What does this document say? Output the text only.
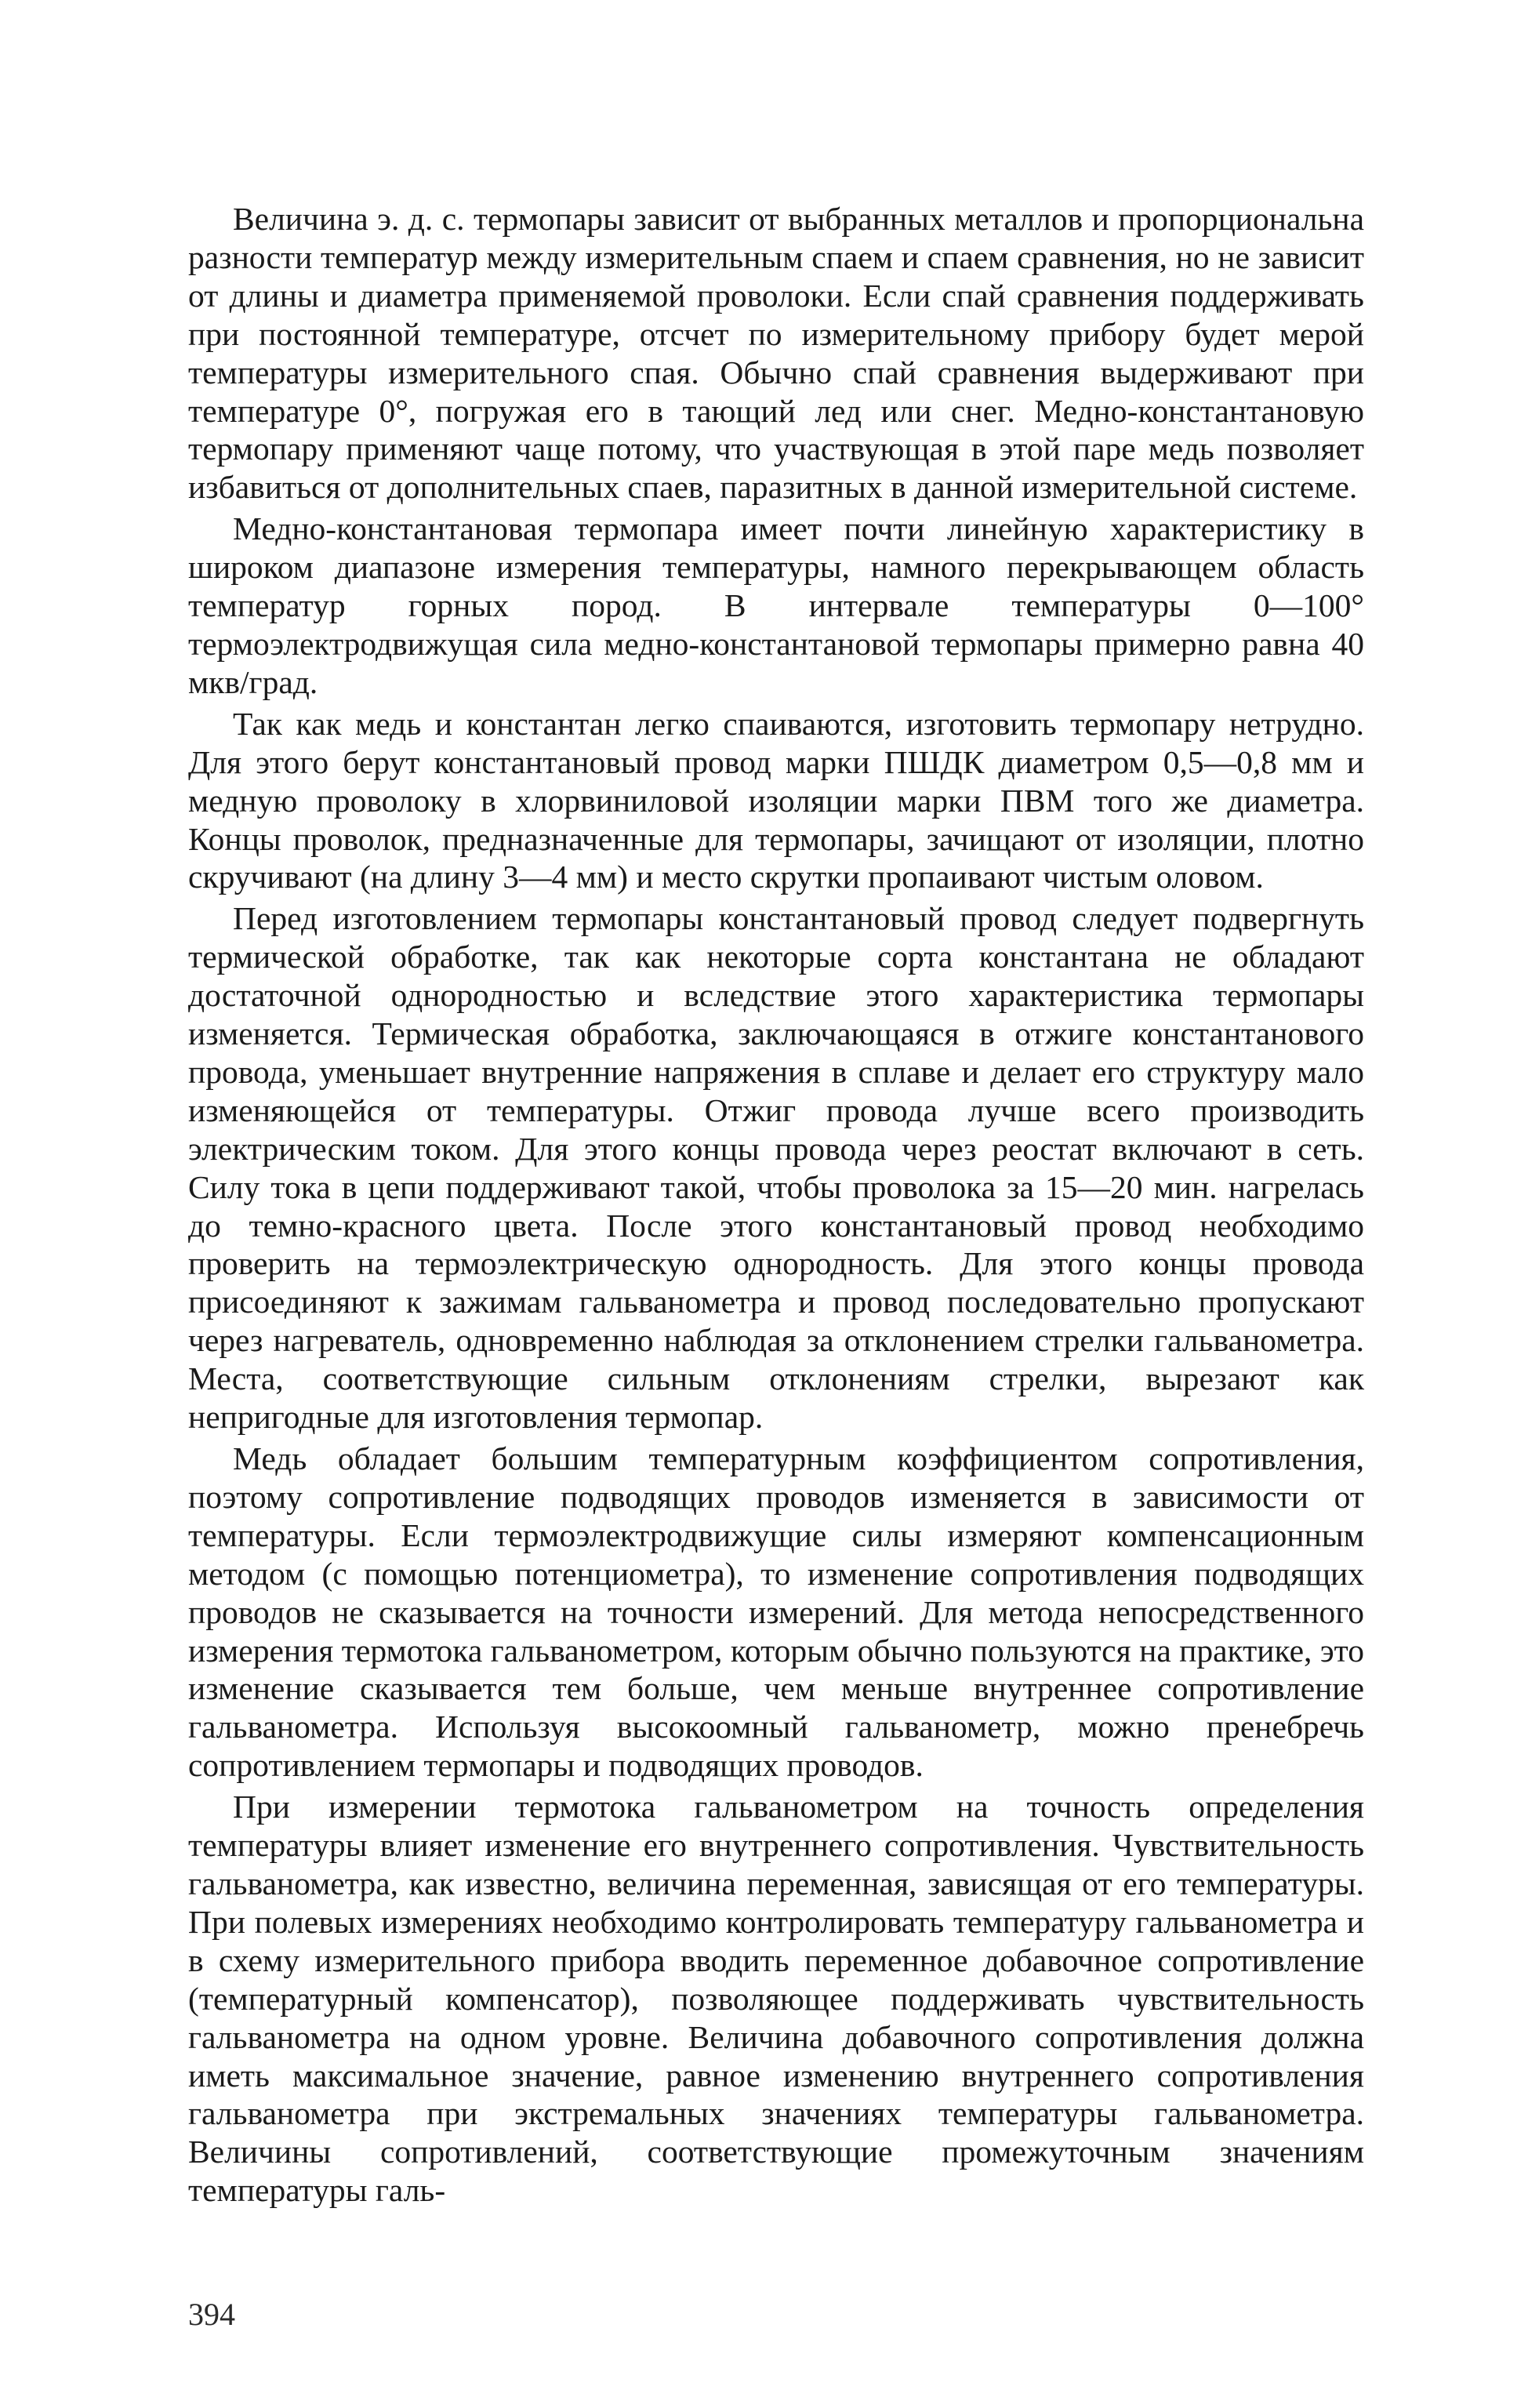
Величина э. д. с. термопары зависит от выбранных металлов и пропорциональна разности температур между измерительным спаем и спаем сравнения, но не зависит от длины и диаметра применяемой проволоки. Если спай сравнения поддерживать при постоянной температуре, отсчет по измерительному прибору будет мерой температуры измерительного спая. Обычно спай сравнения выдерживают при температуре 0°, погружая его в тающий лед или снег. Медно-константановую термопару применяют чаще потому, что участвующая в этой паре медь позволяет избавиться от дополнительных спаев, паразитных в данной измерительной системе.

Медно-константановая термопара имеет почти линейную характеристику в широком диапазоне измерения температуры, намного перекрывающем область температур горных пород. В интервале температуры 0—100° термоэлектродвижущая сила медно-константановой термопары примерно равна 40 мкв/град.

Так как медь и константан легко спаиваются, изготовить термопару нетрудно. Для этого берут константановый провод марки ПШДК диаметром 0,5—0,8 мм и медную проволоку в хлорвиниловой изоляции марки ПВМ того же диаметра. Концы проволок, предназначенные для термопары, зачищают от изоляции, плотно скручивают (на длину 3—4 мм) и место скрутки пропаивают чистым оловом.

Перед изготовлением термопары константановый провод следует подвергнуть термической обработке, так как некоторые сорта константана не обладают достаточной однородностью и вследствие этого характеристика термопары изменяется. Термическая обработка, заключающаяся в отжиге константанового провода, уменьшает внутренние напряжения в сплаве и делает его структуру мало изменяющейся от температуры. Отжиг провода лучше всего производить электрическим током. Для этого концы провода через реостат включают в сеть. Силу тока в цепи поддерживают такой, чтобы проволока за 15—20 мин. нагрелась до темно-красного цвета. После этого константановый провод необходимо проверить на термоэлектрическую однородность. Для этого концы провода присоединяют к зажимам гальванометра и провод последовательно пропускают через нагреватель, одновременно наблюдая за отклонением стрелки гальванометра. Места, соответствующие сильным отклонениям стрелки, вырезают как непригодные для изготовления термопар.

Медь обладает большим температурным коэффициентом сопротивления, поэтому сопротивление подводящих проводов изменяется в зависимости от температуры. Если термоэлектродвижущие силы измеряют компенсационным методом (с помощью потенциометра), то изменение сопротивления подводящих проводов не сказывается на точности измерений. Для метода непосредственного измерения термотока гальванометром, которым обычно пользуются на практике, это изменение сказывается тем больше, чем меньше внутреннее сопротивление гальванометра. Используя высокоомный гальванометр, можно пренебречь сопротивлением термопары и подводящих проводов.

При измерении термотока гальванометром на точность определения температуры влияет изменение его внутреннего сопротивления. Чувствительность гальванометра, как известно, величина переменная, зависящая от его температуры. При полевых измерениях необходимо контролировать температуру гальванометра и в схему измерительного прибора вводить переменное добавочное сопротивление (температурный компенсатор), позволяющее поддерживать чувствительность гальванометра на одном уровне. Величина добавочного сопротивления должна иметь максимальное значение, равное изменению внутреннего сопротивления гальванометра при экстремальных значениях температуры гальванометра. Величины сопротивлений, соответствующие промежуточным значениям температуры галь-

394
